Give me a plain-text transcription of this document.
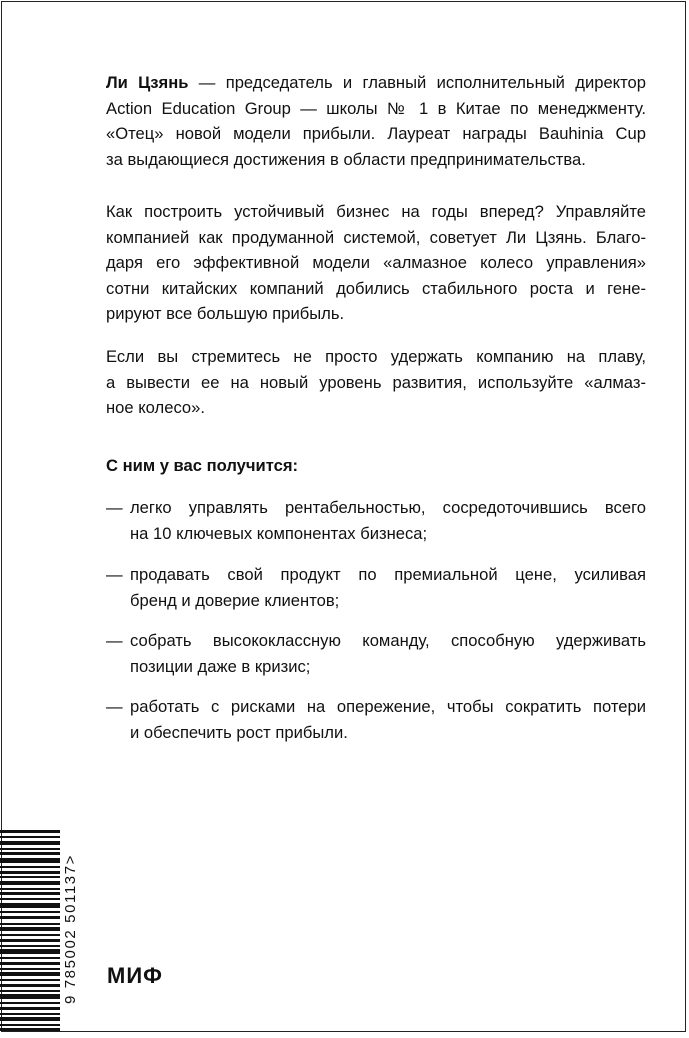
Ли Цзянь — председатель и главный исполнительный директор
Action Education Group — школы № 1 в Китае по менеджменту.
«Отец» новой модели прибыли. Лауреат награды Bauhinia Cup
за выдающиеся достижения в области предпринимательства.
Как построить устойчивый бизнес на годы вперед? Управляйте
компанией как продуманной системой, советует Ли Цзянь. Благо-
даря его эффективной модели «алмазное колесо управления»
сотни китайских компаний добились стабильного роста и гене-
рируют все большую прибыль.
Если вы стремитесь не просто удержать компанию на плаву,
а вывести ее на новый уровень развития, используйте «алмаз-
ное колесо».
С ним у вас получится:
— легко управлять рентабельностью, сосредоточившись всего
на 10 ключевых компонентах бизнеса;
— продавать свой продукт по премиальной цене, усиливая
бренд и доверие клиентов;
— собрать высококлассную команду, способную удерживать
позиции даже в кризис;
— работать с рисками на опережение, чтобы сократить потери
и обеспечить рост прибыли.
9 785002 501137>
МИФ
